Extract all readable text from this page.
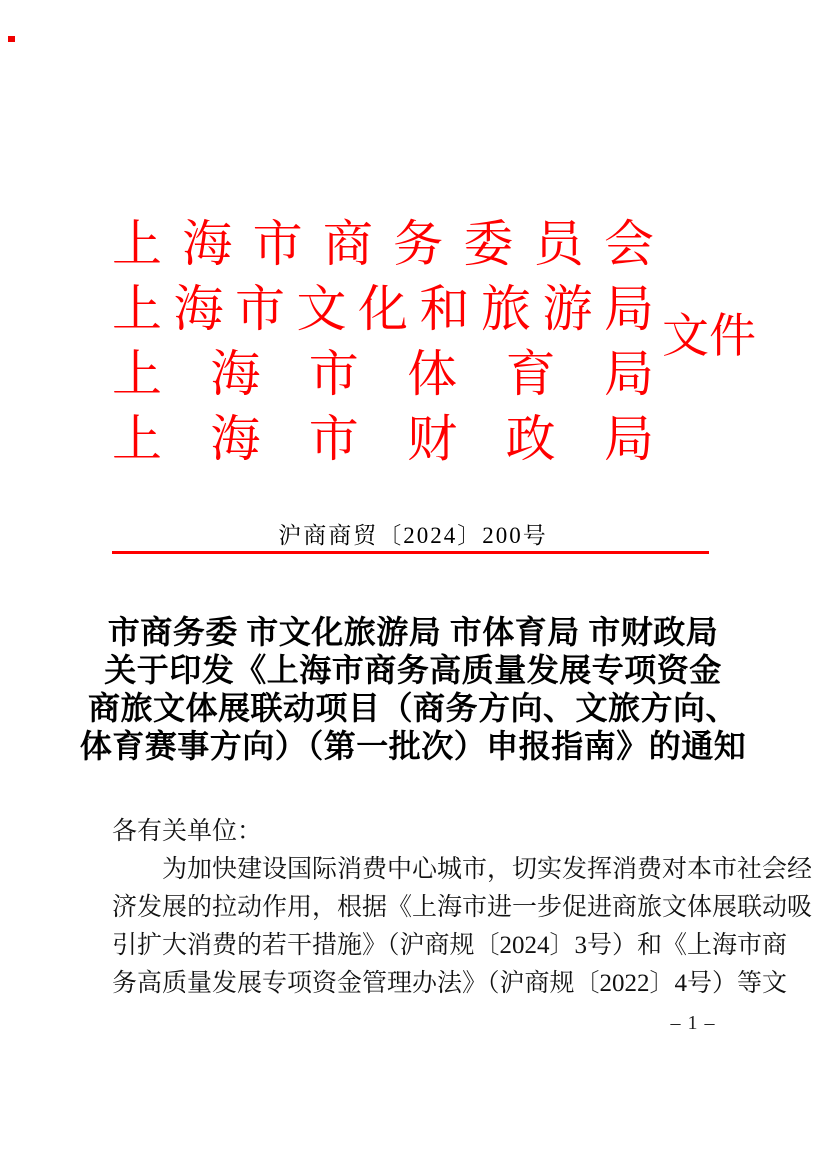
上 海 市 商 务 委 员 会
上 海 市 文 化 和 旅 游 局
上 海 市 体 育 局
上 海 市 财 政 局
文件
沪商商贸〔2024〕200号
市商务委 市文化旅游局 市体育局 市财政局
关于印发《上海市商务高质量发展专项资金
商旅文体展联动项目（商务方向、文旅方向、
体育赛事方向）（第一批次）申报指南》的通知
各有关单位：
为加快建设国际消费中心城市，切实发挥消费对本市社会经
济发展的拉动作用，根据《上海市进一步促进商旅文体展联动吸
引扩大消费的若干措施》（沪商规〔2024〕3号）和《上海市商
务高质量发展专项资金管理办法》（沪商规〔2022〕4号）等文
– 1 –
